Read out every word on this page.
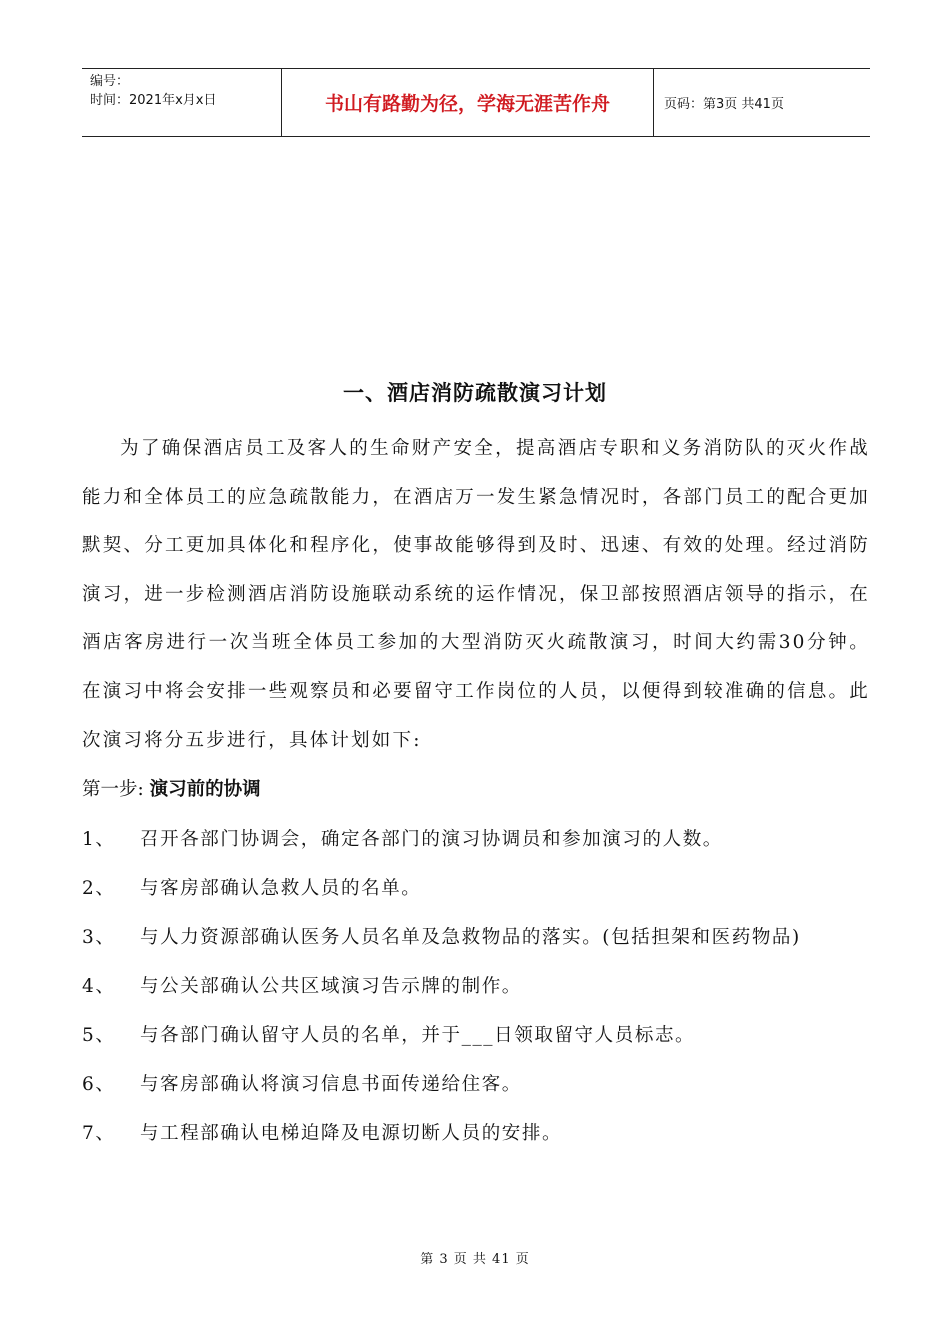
编号：
时间：2021年x月x日	书山有路勤为径，学海无涯苦作舟	页码：第3页 共41页
一、酒店消防疏散演习计划

为了确保酒店员工及客人的生命财产安全，提高酒店专职和义务消防队的灭火作战能力和全体员工的应急疏散能力，在酒店万一发生紧急情况时，各部门员工的配合更加默契、分工更加具体化和程序化，使事故能够得到及时、迅速、有效的处理。经过消防演习，进一步检测酒店消防设施联动系统的运作情况，保卫部按照酒店领导的指示，在酒店客房进行一次当班全体员工参加的大型消防灭火疏散演习，时间大约需30分钟。在演习中将会安排一些观察员和必要留守工作岗位的人员，以便得到较准确的信息。此次演习将分五步进行，具体计划如下:

第一步: 演习前的协调
1、	召开各部门协调会，确定各部门的演习协调员和参加演习的人数。
2、	与客房部确认急救人员的名单。
3、	与人力资源部确认医务人员名单及急救物品的落实。(包括担架和医药物品)
4、	与公关部确认公共区域演习告示牌的制作。
5、	与各部门确认留守人员的名单，并于___日领取留守人员标志。
6、	与客房部确认将演习信息书面传递给住客。
7、	与工程部确认电梯迫降及电源切断人员的安排。
第 3 页 共 41 页
